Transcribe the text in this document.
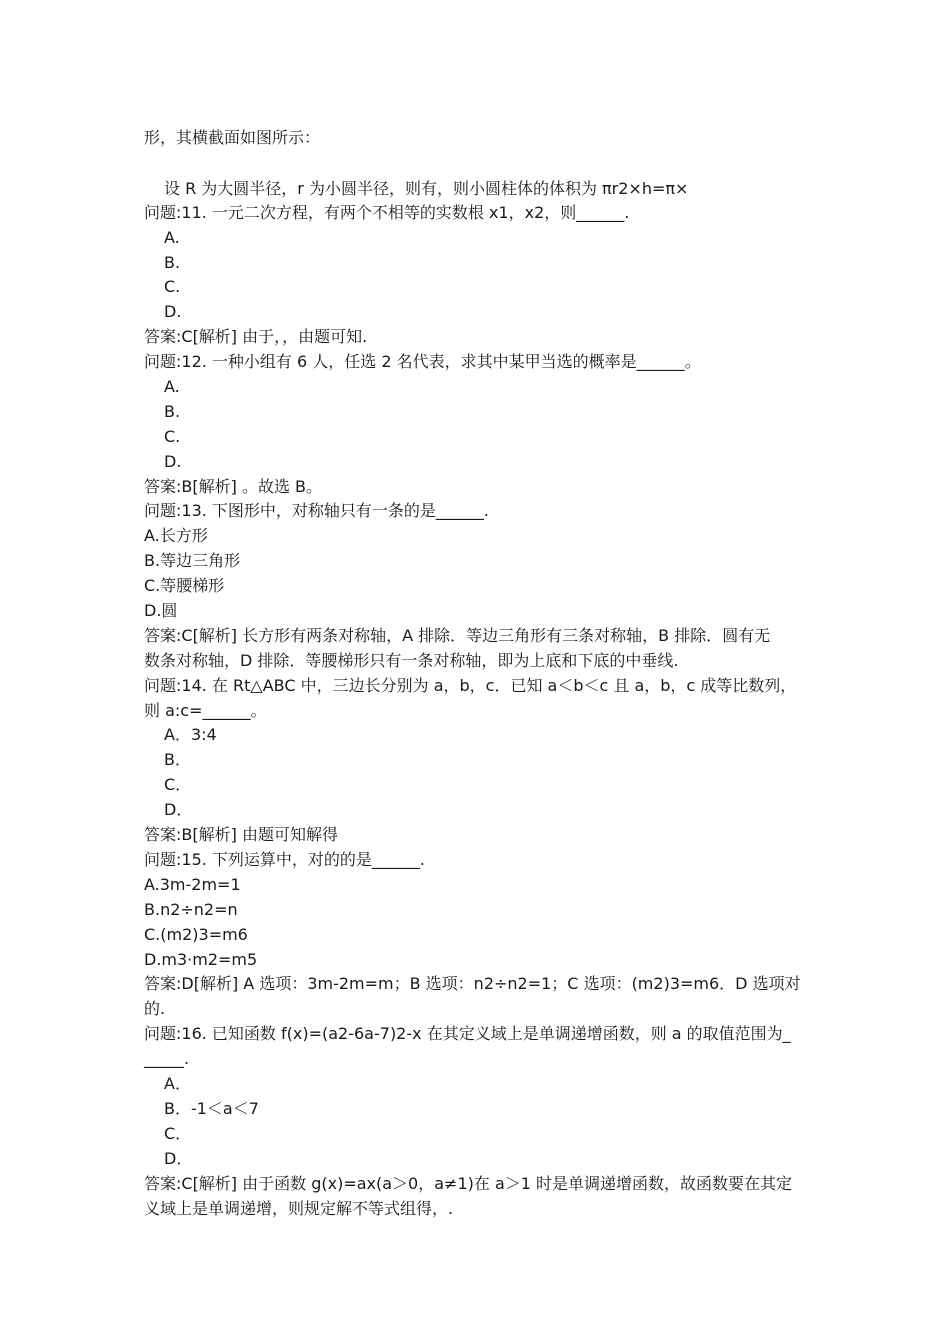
形，其横截面如图所示：
设 R 为大圆半径，r 为小圆半径，则有，则小圆柱体的体积为 πr2×h=π×
问题:11. 一元二次方程，有两个不相等的实数根 x1，x2，则______.
A.
B.
C.
D.
答案:C[解析] 由于，，由题可知.
问题:12. 一种小组有 6 人，任选 2 名代表，求其中某甲当选的概率是______。
A.
B.
C.
D.
答案:B[解析] 。故选 B。
问题:13. 下图形中，对称轴只有一条的是______.
A.长方形
B.等边三角形
C.等腰梯形
D.圆
答案:C[解析] 长方形有两条对称轴，A 排除．等边三角形有三条对称轴，B 排除．圆有无
数条对称轴，D 排除．等腰梯形只有一条对称轴，即为上底和下底的中垂线.
问题:14. 在 Rt△ABC 中，三边长分别为 a，b，c．已知 a＜b＜c 且 a，b，c 成等比数列，
则 a:c=______。
A．3:4
B．
C．
D．
答案:B[解析] 由题可知解得
问题:15. 下列运算中，对的的是______.
A.3m-2m=1
B.n2÷n2=n
C.(m2)3=m6
D.m3·m2=m5
答案:D[解析] A 选项：3m-2m=m；B 选项：n2÷n2=1；C 选项：(m2)3=m6．D 选项对
的.
问题:16. 已知函数 f(x)=(a2-6a-7)2-x 在其定义域上是单调递增函数，则 a 的取值范围为_
_____.
A．
B．-1＜a＜7
C．
D．
答案:C[解析] 由于函数 g(x)=ax(a＞0，a≠1)在 a＞1 时是单调递增函数，故函数要在其定
义域上是单调递增，则规定解不等式组得，.
